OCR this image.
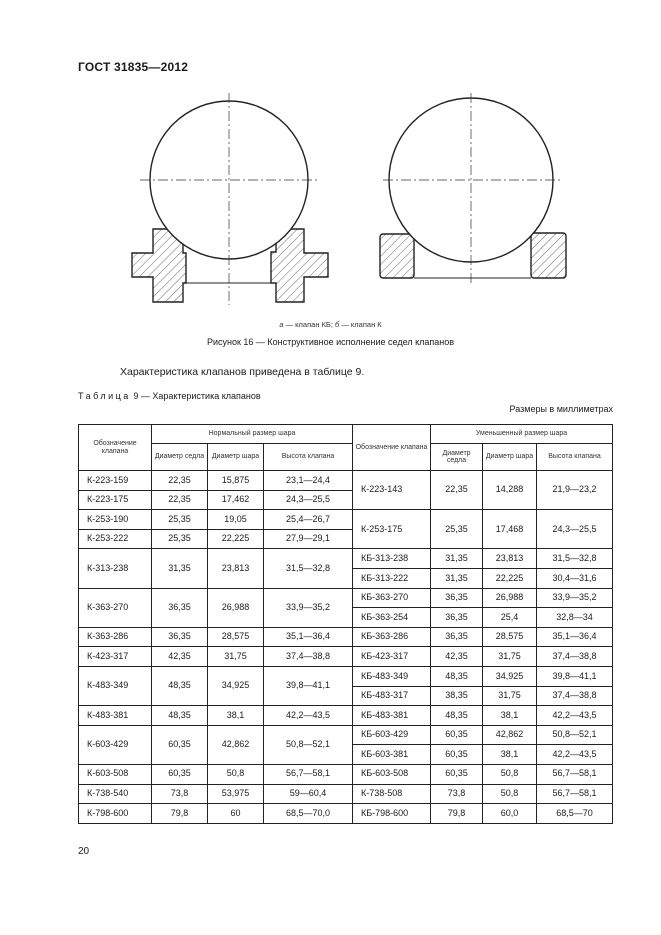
ГОСТ 31835—2012
а — клапан КБ; б — клапан К
Рисунок 16 — Конструктивное исполнение седел клапанов
Характеристика клапанов приведена в таблице 9.
Таблица 9 — Характеристика клапанов
Размеры в миллиметрах
Обозначение клапана	Нормальный размер шара			Обозначение клапана	Уменьшенный размер шара		
	Диаметр седла	Диаметр шара	Высота клапана		Диаметр седла	Диаметр шара	Высота клапана
К-223-159	22,35	15,875	23,1—24,4	К-223-143	22,35	14,288	21,9—23,2
К-223-175	22,35	17,462	24,3—25,5				
К-253-190	25,35	19,05	25,4—26,7	К-253-175	25,35	17,468	24,3—25,5
К-253-222	25,35	22,225	27,9—29,1				
К-313-238	31,35	23,813	31,5—32,8	КБ-313-238	31,35	23,813	31,5—32,8
				КБ-313-222	31,35	22,225	30,4—31,6
К-363-270	36,35	26,988	33,9—35,2	КБ-363-270	36,35	26,988	33,9—35,2
				КБ-363-254	36,35	25,4	32,8—34
К-363-286	36,35	28,575	35,1—36,4	КБ-363-286	36,35	28,575	35,1—36,4
К-423-317	42,35	31,75	37,4—38,8	КБ-423-317	42,35	31,75	37,4—38,8
К-483-349	48,35	34,925	39,8—41,1	КБ-483-349	48,35	34,925	39,8—41,1
				КБ-483-317	38,35	31,75	37,4—38,8
К-483-381	48,35	38,1	42,2—43,5	КБ-483-381	48,35	38,1	42,2—43,5
К-603-429	60,35	42,862	50,8—52,1	КБ-603-429	60,35	42,862	50,8—52,1
				КБ-603-381	60,35	38,1	42,2—43,5
К-603-508	60,35	50,8	56,7—58,1	КБ-603-508	60,35	50,8	56,7—58,1
К-738-540	73,8	53,975	59—60,4	К-738-508	73,8	50,8	56,7—58,1
К-798-600	79,8	60	68,5—70,0	КБ-798-600	79,8	60,0	68,5—70
20
